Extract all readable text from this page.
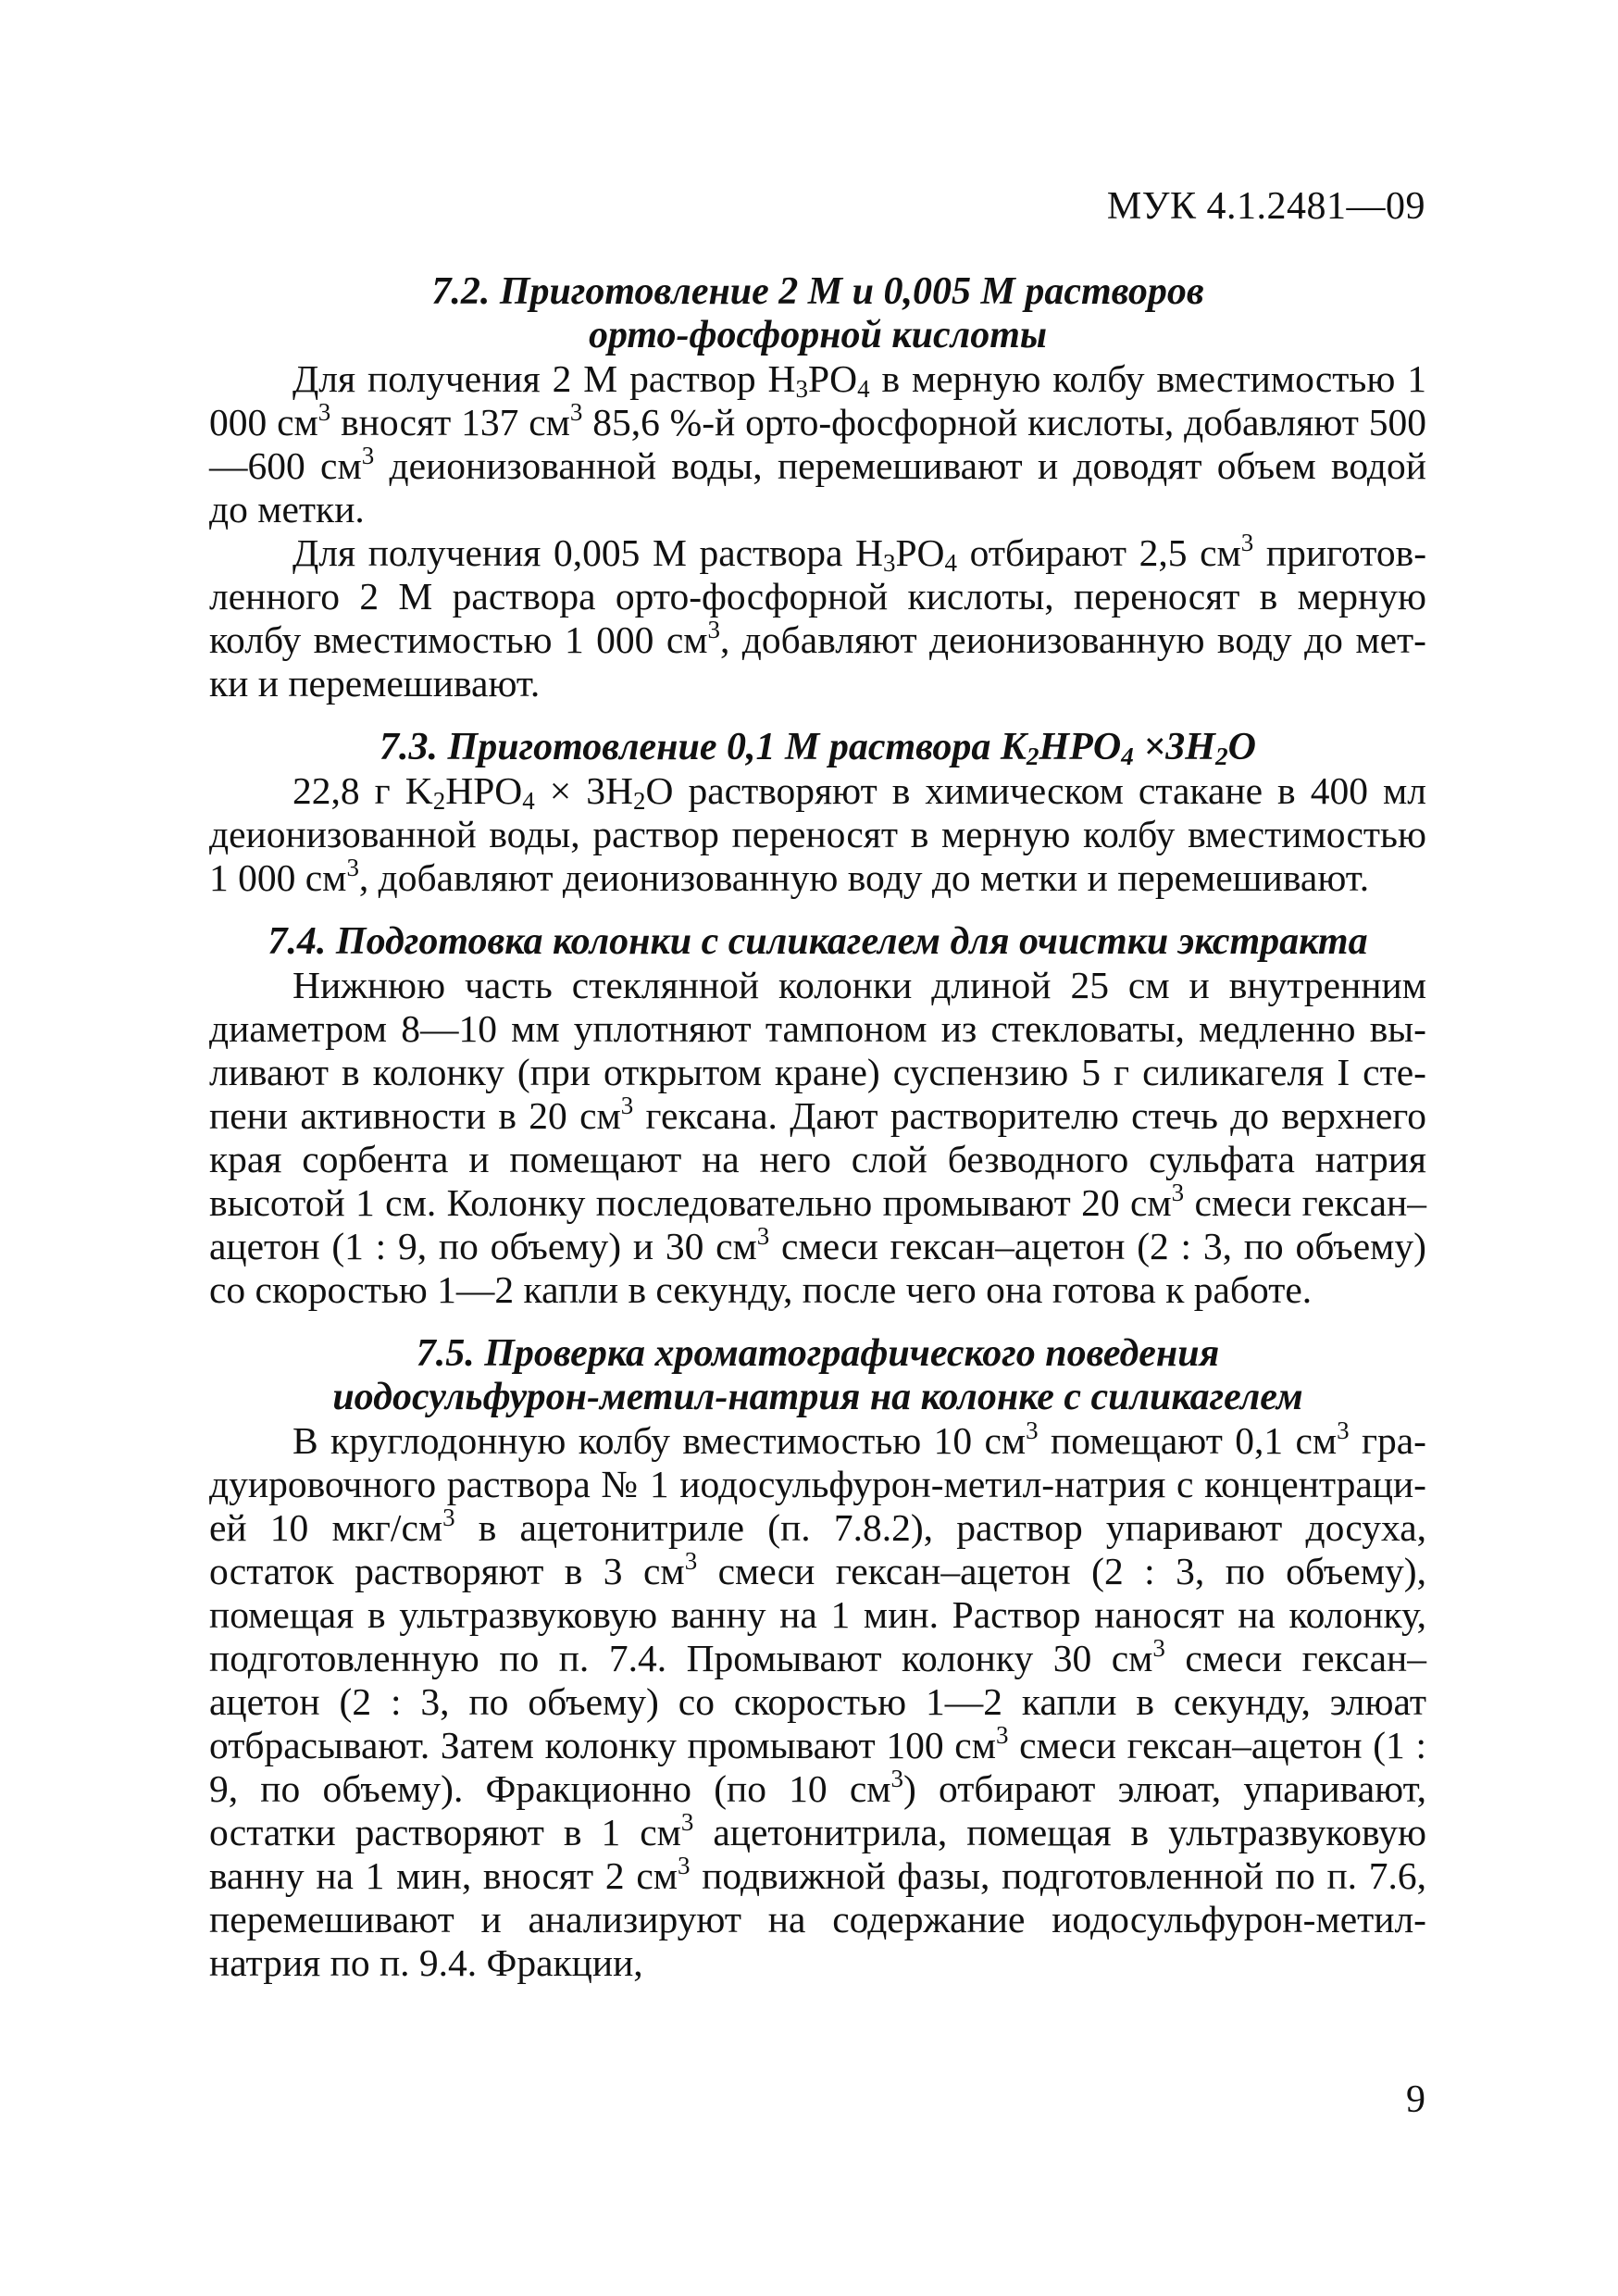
МУК 4.1.2481—09

7.2. Приготовление 2 М и 0,005 М растворов
орто-фосфорной кислоты

Для получения 2 М раствор $H_3PO_4$ в мерную колбу вместимостью 1 000 $см^3$ вносят 137 $см^3$ 85,6 %-й орто-фосфорной кислоты, добавляют 500—600 $см^3$ деионизованной воды, перемешивают и доводят объем водой до метки.

Для получения 0,005 М раствора $H_3PO_4$ отбирают 2,5 $см^3$ приготовленного 2 М раствора орто-фосфорной кислоты, переносят в мерную колбу вместимостью 1 000 $см^3$, добавляют деионизованную воду до метки и перемешивают.

7.3. Приготовление 0,1 М раствора $K_2HPO_4 \times 3H_2O$

22,8 г $K_2HPO_4 \times 3H_2O$ растворяют в химическом стакане в 400 мл деионизованной воды, раствор переносят в мерную колбу вместимостью 1 000 $см^3$, добавляют деионизованную воду до метки и перемешивают.

7.4. Подготовка колонки с силикагелем для очистки экстракта

Нижнюю часть стеклянной колонки длиной 25 см и внутренним диаметром 8—10 мм уплотняют тампоном из стекловаты, медленно выливают в колонку (при открытом кране) суспензию 5 г силикагеля I степени активности в 20 $см^3$ гексана. Дают растворителю стечь до верхнего края сорбента и помещают на него слой безводного сульфата натрия высотой 1 см. Колонку последовательно промывают 20 $см^3$ смеси гексан–ацетон (1 : 9, по объему) и 30 $см^3$ смеси гексан–ацетон (2 : 3, по объему) со скоростью 1—2 капли в секунду, после чего она готова к работе.

7.5. Проверка хроматографического поведения
иодосульфурон-метил-натрия на колонке с силикагелем

В круглодонную колбу вместимостью 10 $см^3$ помещают 0,1 $см^3$ градуировочного раствора № 1 иодосульфурон-метил-натрия с концентрацией 10 мкг/$см^3$ в ацетонитриле (п. 7.8.2), раствор упаривают досуха, остаток растворяют в 3 $см^3$ смеси гексан–ацетон (2 : 3, по объему), помещая в ультразвуковую ванну на 1 мин. Раствор наносят на колонку, подготовленную по п. 7.4. Промывают колонку 30 $см^3$ смеси гексан–ацетон (2 : 3, по объему) со скоростью 1—2 капли в секунду, элюат отбрасывают. Затем колонку промывают 100 $см^3$ смеси гексан–ацетон (1 : 9, по объему). Фракционно (по 10 $см^3$) отбирают элюат, упаривают, остатки растворяют в 1 $см^3$ ацетонитрила, помещая в ультразвуковую ванну на 1 мин, вносят 2 $см^3$ подвижной фазы, подготовленной по п. 7.6, перемешивают и анализируют на содержание иодосульфурон-метил-натрия по п. 9.4. Фракции,

9
